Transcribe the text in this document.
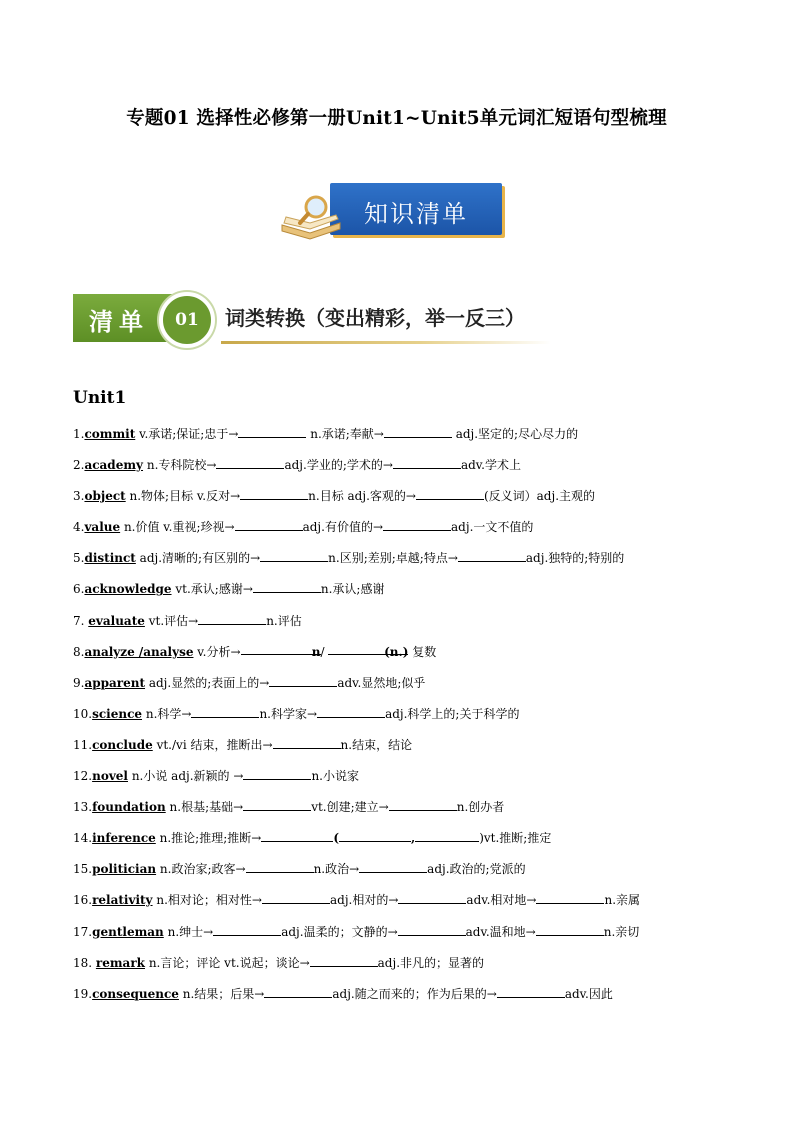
专题01 选择性必修第一册Unit1~Unit5单元词汇短语句型梳理
知识清单
清单	01	词类转换（变出精彩，举一反三）
Unit1
1.commit v.承诺;保证;忠于→	n.承诺;奉献→	adj.坚定的;尽心尽力的
2.academy n.专科院校→	adj.学业的;学术的→	adv.学术上
3.object n.物体;目标 v.反对→	n.目标 adj.客观的→	(反义词）adj.主观的
4.value n.价值 v.重视;珍视→	adj.有价值的→	adj.一文不值的
5.distinct adj.清晰的;有区别的→	n.区别;差别;卓越;特点→	adj.独特的;特别的
6.acknowledge vt.承认;感谢→	n.承认;感谢
7. evaluate vt.评估→	n.评估
8.analyze /analyse v.分析→	n/	(n.) 复数
9.apparent adj.显然的;表面上的→	adv.显然地;似乎
10.science n.科学→	n.科学家→	adj.科学上的;关于科学的
11.conclude vt./vi 结束，推断出→	n.结束，结论
12.novel n.小说 adj.新颖的 →	n.小说家
13.foundation n.根基;基础→	vt.创建;建立→	n.创办者
14.inference n.推论;推理;推断→	(	,	)vt.推断;推定
15.politician n.政治家;政客→	n.政治→	adj.政治的;党派的
16.relativity n.相对论；相对性→	adj.相对的→	adv.相对地→	n.亲属
17.gentleman n.绅士→	adj.温柔的；文静的→	adv.温和地→	n.亲切
18. remark n.言论；评论 vt.说起；谈论→	adj.非凡的；显著的
19.consequence n.结果；后果→	adj.随之而来的；作为后果的→	adv.因此
